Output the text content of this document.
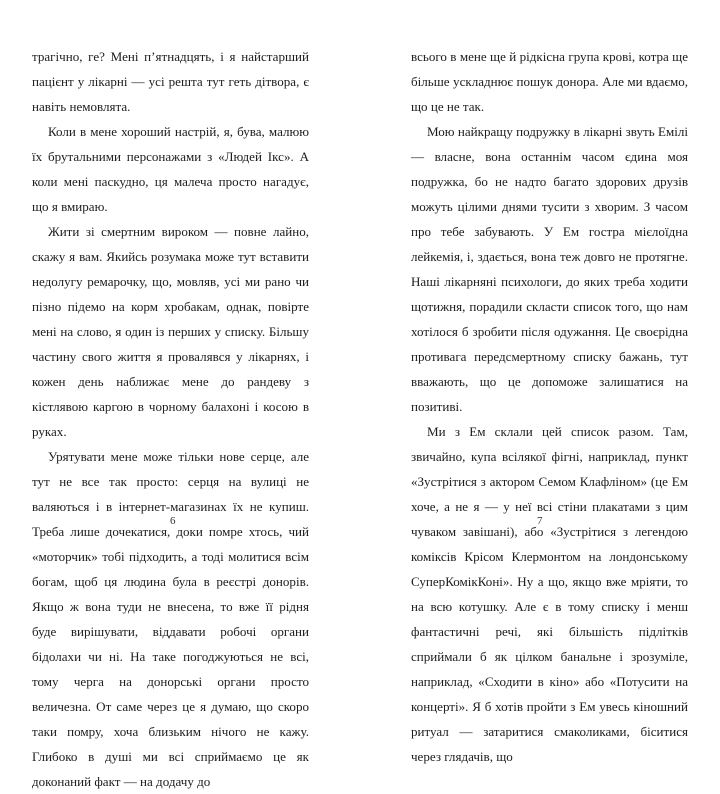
трагічно, ге? Мені п’ятнадцять, і я найстарший пацієнт у лікарні — усі решта тут геть дітвора, є навіть немовлята.

Коли в мене хороший настрій, я, бува, малюю їх брутальними персонажами з «Людей Ікс». А коли мені паскудно, ця малеча просто нагадує, що я вмираю.

Жити зі смертним вироком — повне лайно, скажу я вам. Якийсь розумака може тут вставити недолугу ремарочку, що, мовляв, усі ми рано чи пізно підемо на корм хробакам, однак, повірте мені на слово, я один із перших у списку. Більшу частину свого життя я провалявся у лікарнях, і кожен день наближає мене до рандеву з кістлявою каргою в чорному балахоні і косою в руках.

Урятувати мене може тільки нове серце, але тут не все так просто: серця на вулиці не валяються і в інтернет-магазинах їх не купиш. Треба лише дочекатися, доки помре хтось, чий «моторчик» тобі підходить, а тоді молитися всім богам, щоб ця людина була в реєстрі донорів. Якщо ж вона туди не внесена, то вже її рідня буде вирішувати, віддавати робочі органи бідолахи чи ні. На таке погоджуються не всі, тому черга на донорські органи просто величезна. От саме через це я думаю, що скоро таки помру, хоча близьким нічого не кажу. Глибоко в душі ми всі сприймаємо це як доконаний факт — на додачу до

всього в мене ще й рідкісна група крові, котра ще більше ускладнює пошук донора. Але ми вдаємо, що це не так.

Мою найкращу подружку в лікарні звуть Емілі — власне, вона останнім часом єдина моя подружка, бо не надто багато здорових друзів можуть цілими днями тусити з хворим. З часом про тебе забувають. У Ем гостра мієлоїдна лейкемія, і, здається, вона теж довго не протягне. Наші лікарняні психологи, до яких треба ходити щотижня, порадили скласти список того, що нам хотілося б зробити після одужання. Це своєрідна противага передсмертному списку бажань, тут вважають, що це допоможе залишатися на позитиві.

Ми з Ем склали цей список разом. Там, звичайно, купа всілякої фігні, наприклад, пункт «Зустрітися з актором Семом Клафліном» (це Ем хоче, а не я — у неї всі стіни плакатами з цим чуваком завішані), або «Зустрітися з легендою коміксів Крісом Клермонтом на лондонському СуперКомікКоні». Ну а що, якщо вже мріяти, то на всю котушку. Але є в тому списку і менш фантастичні речі, які більшість підлітків сприймали б як цілком банальне і зрозуміле, наприклад, «Сходити в кіно» або «Потусити на концерті». Я б хотів пройти з Ем увесь кіношний ритуал — затаритися смаколиками, біситися через глядачів, що

6	7
